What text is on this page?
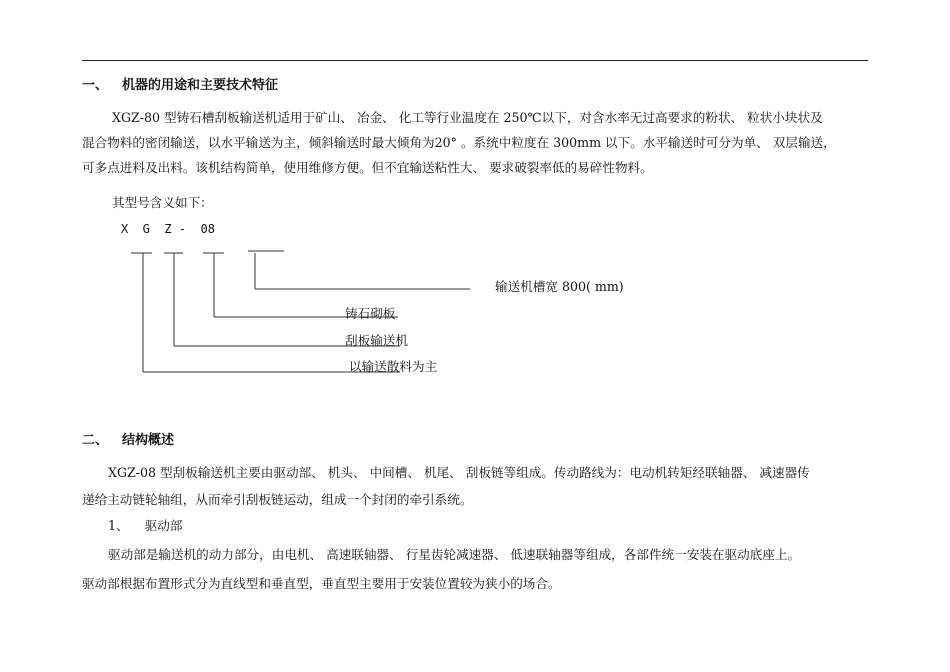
一、 机器的用途和主要技术特征
XGZ-80 型铸石槽刮板输送机适用于矿山、 冶金、 化工等行业温度在 250℃以下，对含水率无过高要求的粉状、 粒状小块状及
混合物料的密闭输送，以水平输送为主，倾斜输送时最大倾角为20° 。系统中粒度在 300mm 以下。水平输送时可分为单、 双层输送，
可多点进料及出料。该机结构简单，使用维修方便。但不宜输送粘性大、 要求破裂率低的易碎性物料。
其型号含义如下：
X  G  Z -  08
输送机槽宽 800( mm)
铸石砌板
刮板输送机
以输送散料为主
二、 结构概述
XGZ-08 型刮板输送机主要由驱动部、 机头、 中间槽、 机尾、 刮板链等组成。传动路线为：电动机转矩经联轴器、 减速器传
递给主动链轮轴组，从而牵引刮板链运动，组成一个封闭的牵引系统。
1、 驱动部
驱动部是输送机的动力部分，由电机、 高速联轴器、 行星齿轮减速器、 低速联轴器等组成，各部件统一安装在驱动底座上。
驱动部根据布置形式分为直线型和垂直型，垂直型主要用于安装位置较为狭小的场合。
